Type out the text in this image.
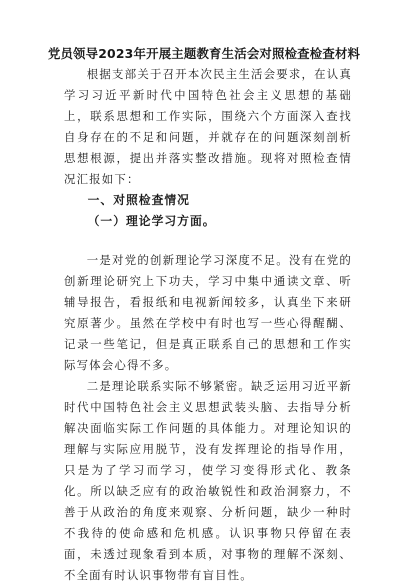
党员领导2023年开展主题教育生活会对照检查检查材料

根据支部关于召开本次民主生活会要求，在认真学习习近平新时代中国特色社会主义思想的基础上，联系思想和工作实际，围绕六个方面深入查找自身存在的不足和问题，并就存在的问题深刻剖析思想根源，提出并落实整改措施。现将对照检查情况汇报如下：

一、对照检查情况
（一）理论学习方面。

一是对党的创新理论学习深度不足。没有在党的创新理论研究上下功夫，学习中集中通读文章、听辅导报告，看报纸和电视新闻较多，认真坐下来研究原著少。虽然在学校中有时也写一些心得醒醐、记录一些笔记，但是真正联系自己的思想和工作实际写体会心得不多。

二是理论联系实际不够紧密。缺乏运用习近平新时代中国特色社会主义思想武装头脑、去指导分析解决面临实际工作问题的具体能力。对理论知识的理解与实际应用脱节，没有发挥理论的指导作用，只是为了学习而学习，使学习变得形式化、教条化。所以缺乏应有的政治敏锐性和政治洞察力，不善于从政治的角度来观察、分析问题，缺少一种时不我待的使命感和危机感。认识事物只停留在表面，未透过现象看到本质，对事物的理解不深刻、不全面有时认识事物带有盲目性。
